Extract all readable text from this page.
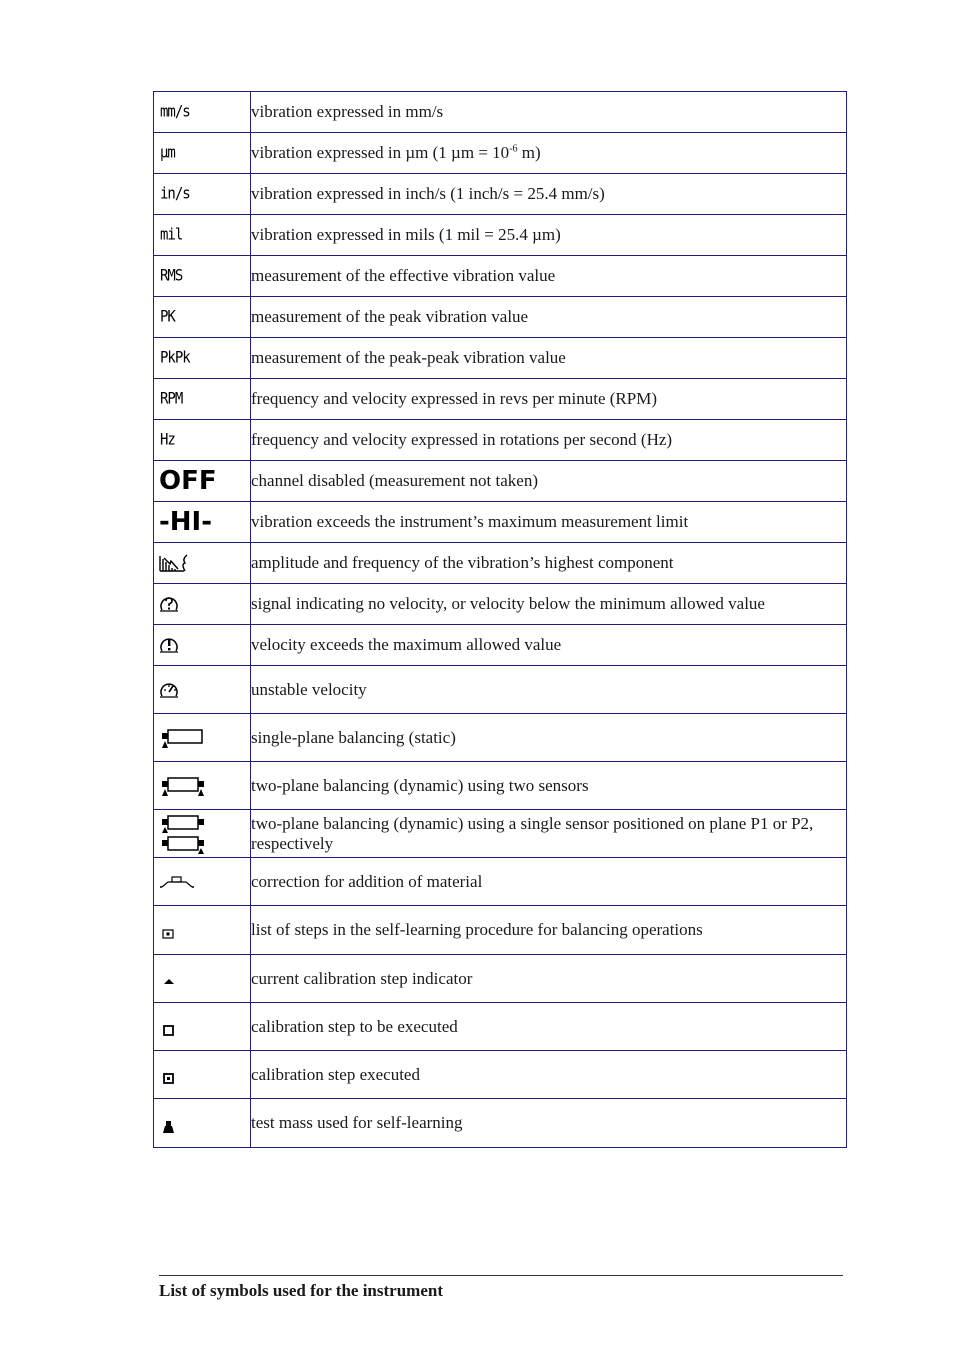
mm/s	vibration expressed in mm/s

µm	vibration expressed in µm (1 $\mu m = 10^{-6}$ m)

in/s	vibration expressed in inch/s (1 inch/s = 25.4 mm/s)

mil	vibration expressed in mils (1 mil = 25.4 µm)

RMS	measurement of the effective vibration value

PK	measurement of the peak vibration value

PkPk	measurement of the peak-peak vibration value

RPM	frequency and velocity expressed in revs per minute (RPM)

Hz	frequency and velocity expressed in rotations per second (Hz)

OFF	channel disabled (measurement not taken)

-HI-	vibration exceeds the instrument’s maximum measurement limit

	amplitude and frequency of the vibration’s highest component

	signal indicating no velocity, or velocity below the minimum allowed value

	velocity exceeds the maximum allowed value

	unstable velocity

	single-plane balancing (static)

	two-plane balancing (dynamic) using two sensors

	two-plane balancing (dynamic) using a single sensor positioned on plane P1 or P2, respectively

	correction for addition of material

	list of steps in the self-learning procedure for balancing operations

	current calibration step indicator

	calibration step to be executed

	calibration step executed

	test mass used for self-learning
List of symbols used for the instrument
